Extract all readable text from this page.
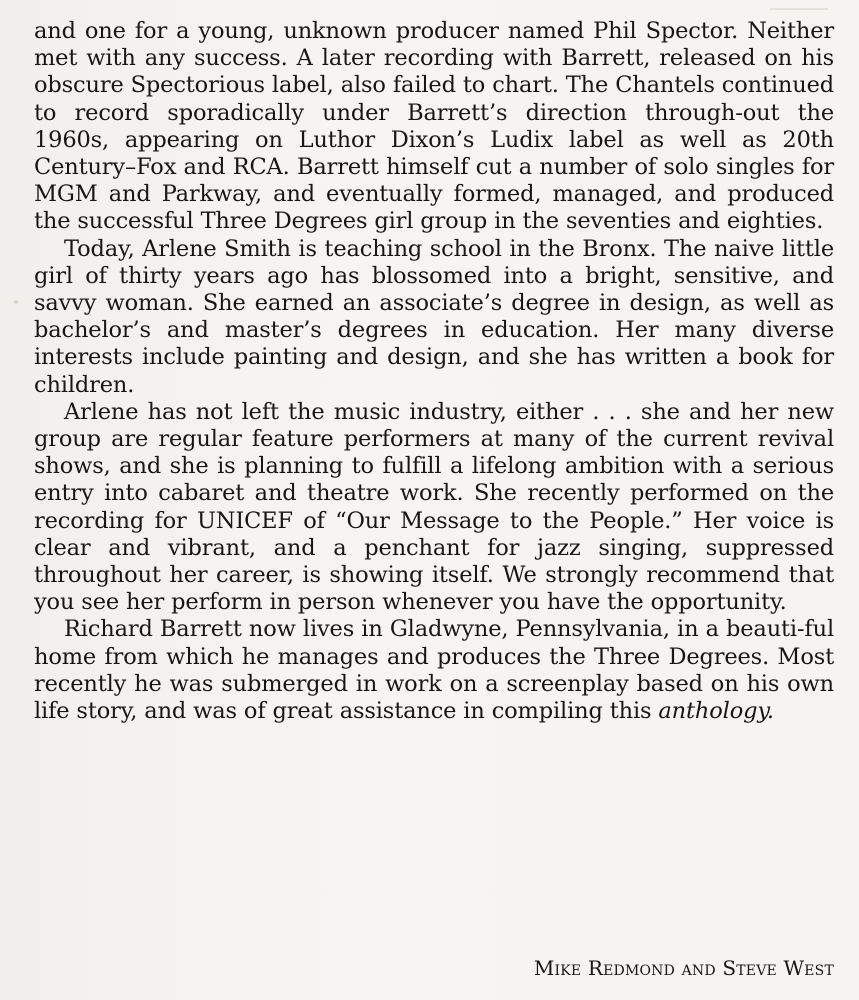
and one for a young, unknown producer named Phil Spector. Neither met with any success. A later recording with Barrett, released on his obscure Spectorious label, also failed to chart. The Chantels continued to record sporadically under Barrett’s direction through-out the 1960s, appearing on Luthor Dixon’s Ludix label as well as 20th Century–Fox and RCA. Barrett himself cut a number of solo singles for MGM and Parkway, and eventually formed, managed, and produced the successful Three Degrees girl group in the seventies and eighties.

Today, Arlene Smith is teaching school in the Bronx. The naive little girl of thirty years ago has blossomed into a bright, sensitive, and savvy woman. She earned an associate’s degree in design, as well as bachelor’s and master’s degrees in education. Her many diverse interests include painting and design, and she has written a book for children.

Arlene has not left the music industry, either . . . she and her new group are regular feature performers at many of the current revival shows, and she is planning to fulfill a lifelong ambition with a serious entry into cabaret and theatre work. She recently performed on the recording for UNICEF of “Our Message to the People.” Her voice is clear and vibrant, and a penchant for jazz singing, suppressed throughout her career, is showing itself. We strongly recommend that you see her perform in person whenever you have the opportunity.

Richard Barrett now lives in Gladwyne, Pennsylvania, in a beauti-ful home from which he manages and produces the Three Degrees. Most recently he was submerged in work on a screenplay based on his own life story, and was of great assistance in compiling this anthology.

Mike Redmond and Steve West
